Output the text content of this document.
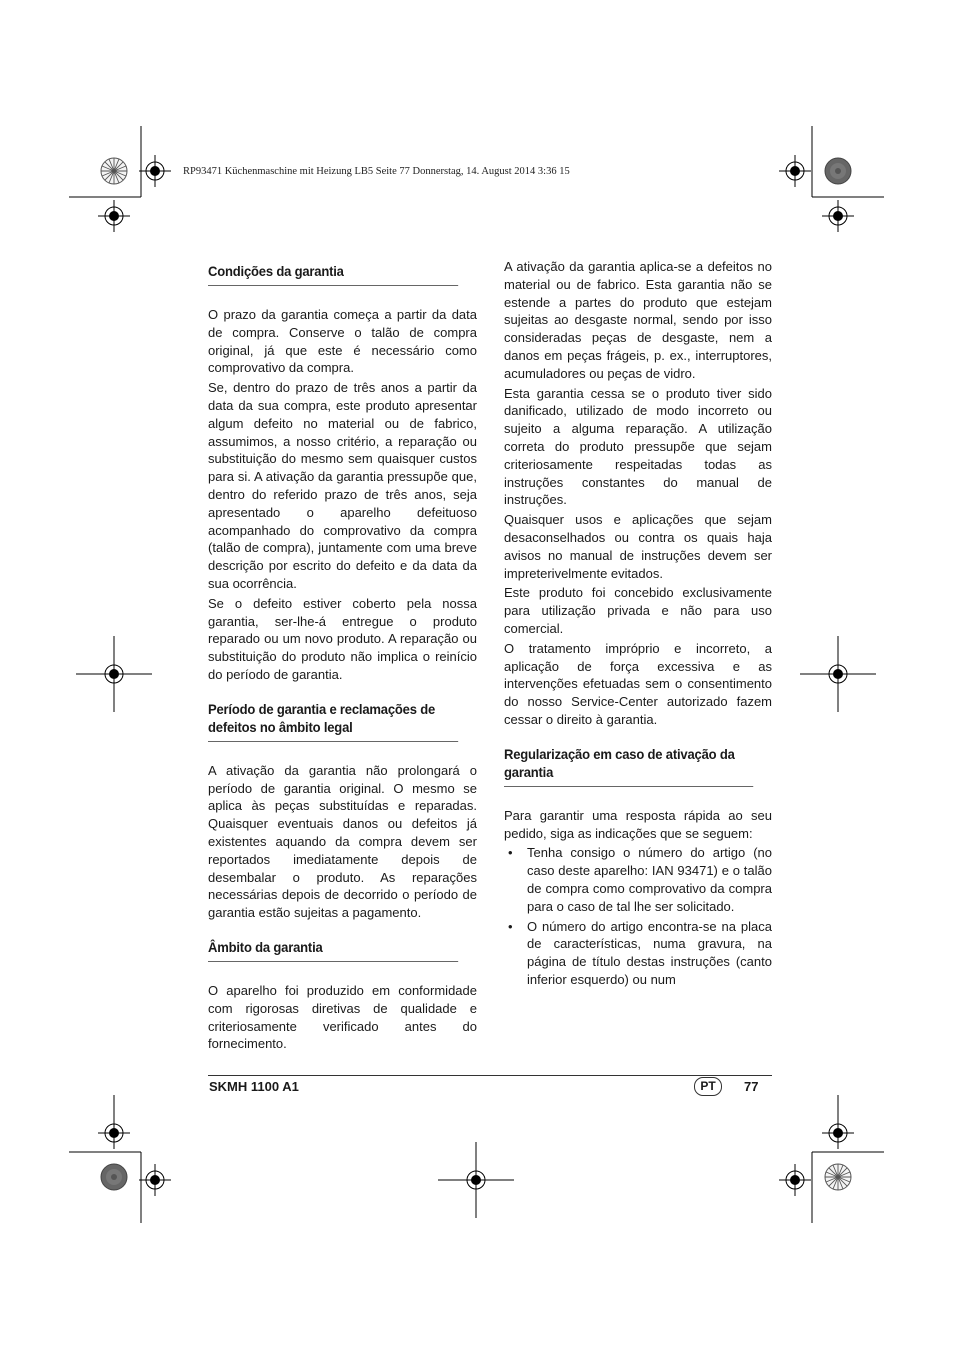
RP93471 Küchenmaschine mit Heizung LB5 Seite 77 Donnerstag, 14. August 2014 3:36 15
Condições da garantia

O prazo da garantia começa a partir da data de compra. Conserve o talão de compra original, já que este é necessário como comprovativo da compra.

Se, dentro do prazo de três anos a partir da data da sua compra, este produto apresentar algum defeito no material ou de fabrico, assumimos, a nosso critério, a reparação ou substituição do mesmo sem quaisquer custos para si. A ativação da garantia pressupõe que, dentro do referido prazo de três anos, seja apresentado o aparelho defeituoso acompanhado do comprovativo da compra (talão de compra), juntamente com uma breve descrição por escrito do defeito e da data da sua ocorrência.

Se o defeito estiver coberto pela nossa garantia, ser-lhe-á entregue o produto reparado ou um novo produto. A reparação ou substituição do produto não implica o reinício do período de garantia.

Período de garantia e reclamações de defeitos no âmbito legal

A ativação da garantia não prolongará o período de garantia original. O mesmo se aplica às peças substituídas e reparadas. Quaisquer eventuais danos ou defeitos já existentes aquando da compra devem ser reportados imediatamente depois de desembalar o produto. As reparações necessárias depois de decorrido o período de garantia estão sujeitas a pagamento.

Âmbito da garantia

O aparelho foi produzido em conformidade com rigorosas diretivas de qualidade e criteriosamente verificado antes do fornecimento.

A ativação da garantia aplica-se a defeitos no material ou de fabrico. Esta garantia não se estende a partes do produto que estejam sujeitas ao desgaste normal, sendo por isso consideradas peças de desgaste, nem a danos em peças frágeis, p. ex., interruptores, acumuladores ou peças de vidro.

Esta garantia cessa se o produto tiver sido danificado, utilizado de modo incorreto ou sujeito a alguma reparação. A utilização correta do produto pressupõe que sejam criteriosamente respeitadas todas as instruções constantes do manual de instruções.

Quaisquer usos e aplicações que sejam desaconselhados ou contra os quais haja avisos no manual de instruções devem ser impreterivelmente evitados.

Este produto foi concebido exclusivamente para utilização privada e não para uso comercial.

O tratamento impróprio e incorreto, a aplicação de força excessiva e as intervenções efetuadas sem o consentimento do nosso Service-Center autorizado fazem cessar o direito à garantia.

Regularização em caso de ativação da garantia

Para garantir uma resposta rápida ao seu pedido, siga as indicações que se seguem:

• Tenha consigo o número do artigo (no caso deste aparelho: IAN 93471) e o talão de compra como comprovativo da compra para o caso de tal lhe ser solicitado.
• O número do artigo encontra-se na placa de características, numa gravura, na página de título destas instruções (canto inferior esquerdo) ou num
SKMH 1100 A1	PT	77
